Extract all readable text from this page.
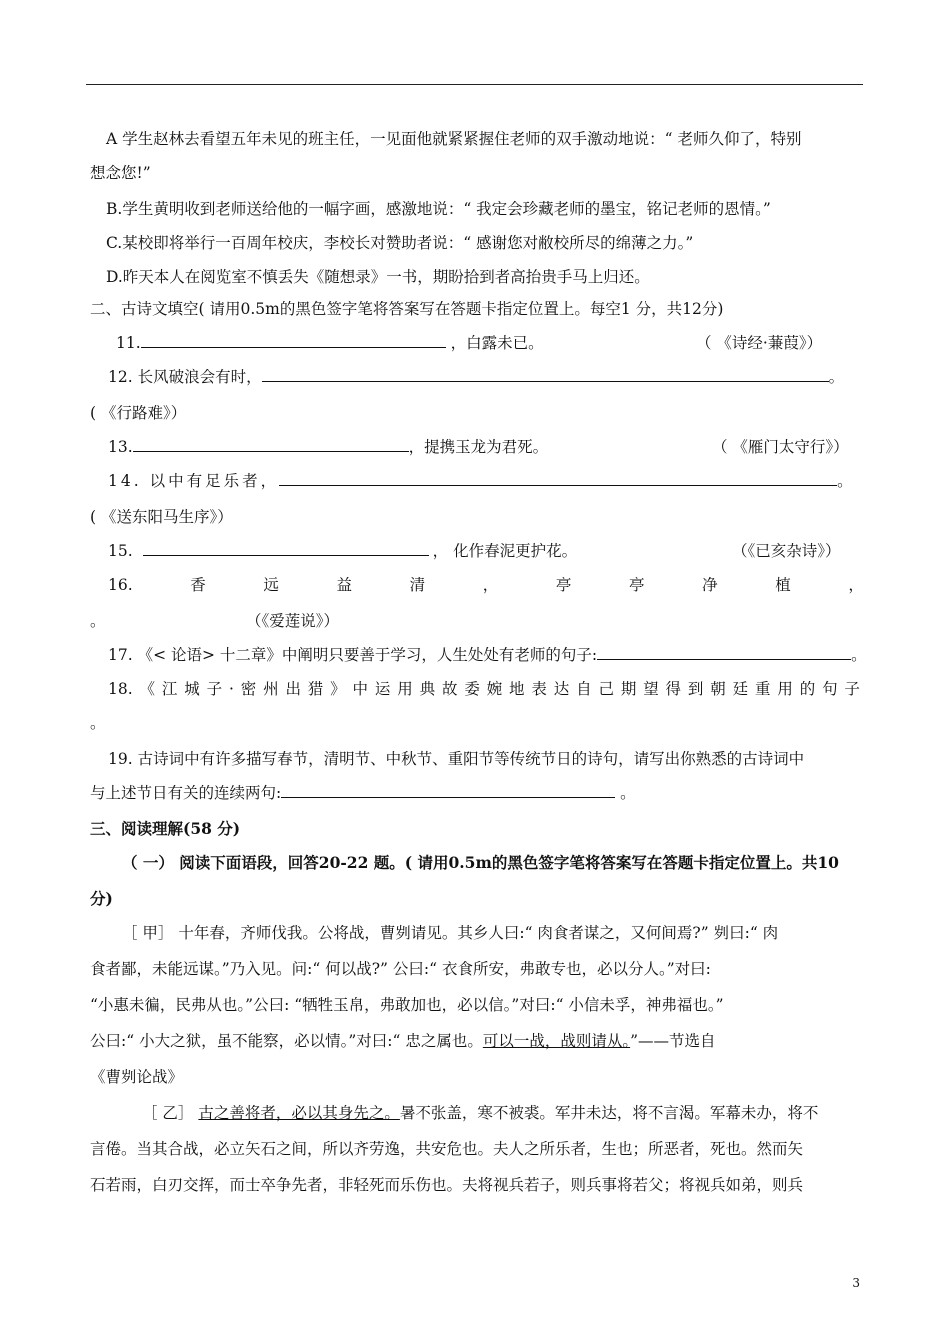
A 学生赵林去看望五年未见的班主任，一见面他就紧紧握住老师的双手激动地说：“ 老师久仰了，特别
想念您!”
B.学生黄明收到老师送给他的一幅字画，感激地说：“ 我定会珍藏老师的墨宝，铭记老师的恩情。”
C.某校即将举行一百周年校庆，李校长对赞助者说：“ 感谢您对敝校所尽的绵薄之力。”
D.昨天本人在阅览室不慎丢失《随想录》一书，期盼拾到者高抬贵手马上归还。
二、古诗文填空( 请用0.5m的黑色签字笔将答案写在答题卡指定位置上。每空1 分，共12分)
11.	，白露未已。	（ 《诗经·蒹葭》）
12. 长风破浪会有时，	。
( 《行路难》）
13.	，提携玉龙为君死。	（ 《雁门太守行》）
14. 以中有足乐者，	。
( 《送东阳马生序》）
15.	， 化作春泥更护花。	（《已亥杂诗》）
16.	香	远	益	清	，	亭	亭	净	植	，
。	（《爱莲说》）
17. 《< 论语> 十二章》中阐明只要善于学习，人生处处有老师的句子:	。
18. 《 江 城 子 · 密 州 出 猎 》 中 运 用 典 故 委 婉 地 表 达 自 己 期 望 得 到 朝 廷 重 用 的 句 子
。
19. 古诗词中有许多描写春节，清明节、中秋节、重阳节等传统节日的诗句，请写出你熟悉的古诗词中
与上述节日有关的连续两句:	。
三、阅读理解(58 分)
（ 一） 阅读下面语段，回答20-22 题。( 请用0.5m的黑色签字笔将答案写在答题卡指定位置上。共10
分)
［ 甲］ 十年春，齐师伐我。公将战，曹刿请见。其乡人曰:“ 肉食者谋之，又何间焉?” 刿曰:“ 肉
食者鄙，未能远谋。”乃入见。问:“ 何以战?” 公曰:“ 衣食所安，弗敢专也，必以分人。”对曰:
“小惠未徧，民弗从也。”公曰: “牺牲玉帛，弗敢加也，必以信。”对曰:“ 小信未孚，神弗福也。”
公曰:“ 小大之狱，虽不能察，必以情。”对曰:“ 忠之属也。可以一战，战则请从。”——节选自
《曹刿论战》
［ 乙］ 古之善将者，必以其身先之。暑不张盖，寒不被裘。军井未达，将不言渴。军幕未办，将不
言倦。当其合战，必立矢石之间，所以齐劳逸，共安危也。夫人之所乐者，生也；所恶者，死也。然而矢
石若雨，白刃交挥，而士卒争先者，非轻死而乐伤也。夫将视兵若子，则兵事将若父；将视兵如弟，则兵
3
